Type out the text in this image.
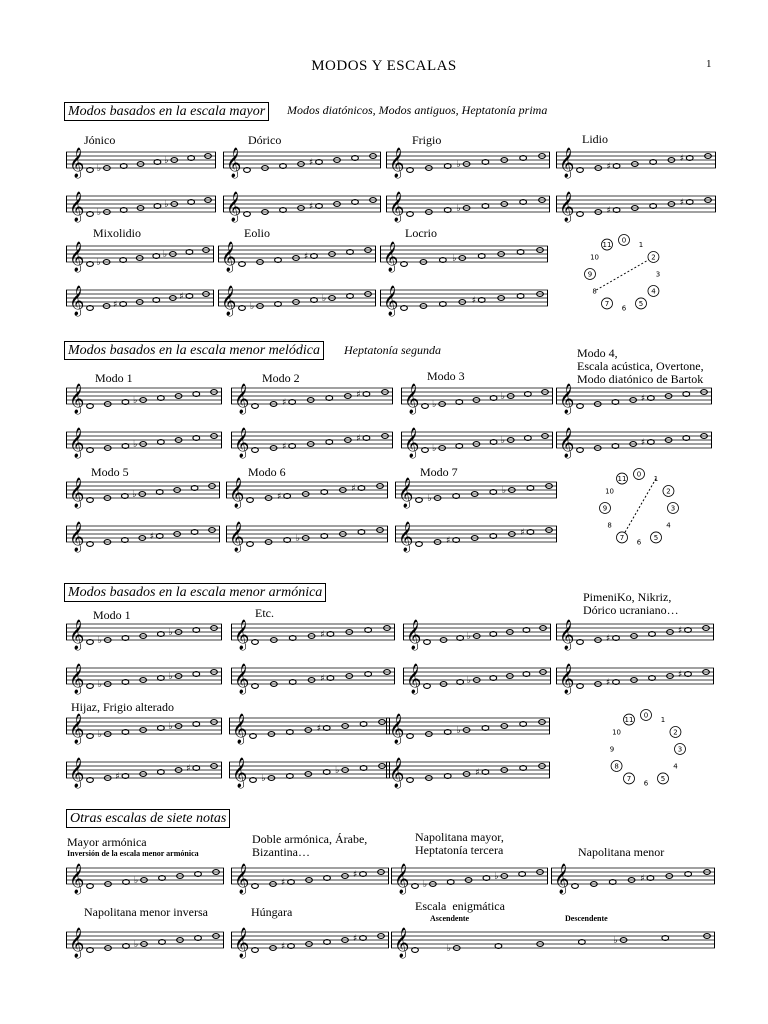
MODOS Y ESCALAS	1
Modos basados en la escala mayor	Modos diatónicos, Modos antiguos, Heptatonía prima
Jónico	Dórico	Frigio	Lidio
Mixolidio	Eolio	Locrio
Modos basados en la escala menor melódica	Heptatonía segunda
Modo 1	Modo 2	Modo 3
Modo 4,
Escala acústica, Overtone,
Modo diatónico de Bartok
Modo 5	Modo 6	Modo 7
Modos basados en la escala menor armónica
Modo 1	Etc.
PimeniKo, Nikriz,
Dórico ucraniano…
Hijaz, Frigio alterado
Otras escalas de siete notas
Mayor armónica
Inversión de la escala menor armónica
Doble armónica, Árabe,
Bizantina…
Napolitana mayor,
Heptatonía tercera	Napolitana menor
Napolitana menor inversa	Húngara	Escala  enigmática
Ascendente	Descendente
𝄞 ♭
♭ 𝄞	♯	𝄞	♭	𝄞	♯
♯
𝄞 ♭
♭ 𝄞	♯	𝄞	♭	𝄞	♯
♯
𝄞 ♭
♭ 𝄞	♯	𝄞	♭
𝄞	♯
♯ 𝄞 ♭
♭ 𝄞	♯
𝄞	♭	𝄞	♯
♯ 𝄞 ♭
♭ 𝄞	♯
𝄞	♭	𝄞	♯
♯ 𝄞 ♭
♭ 𝄞	♯
𝄞	♭	𝄞	♯
♯ 𝄞 ♭
♭
𝄞	♯	𝄞	♭	𝄞	♯
♯
𝄞 ♭
♭ 𝄞	♯	𝄞	♭	𝄞	♯
♯
𝄞 ♭
♭ 𝄞	♯	𝄞	♭	𝄞	♯
♯
𝄞 ♭
♭ 𝄞	♯	𝄞	♭
𝄞	♯
♯ 𝄞 ♭
♭ 𝄞	♯
𝄞	♭	𝄞	♯
♯ 𝄞 ♭
♭ 𝄞	♯
𝄞	♭	𝄞	♯
♯ 𝄞	♭
♭
0
1
2
3
4
5
6
7
8
9
10
11
0
1
2
3
4
5
6
7
8
9
10
11
0
1
2
3
4
5
6
7
8
9
10
11
